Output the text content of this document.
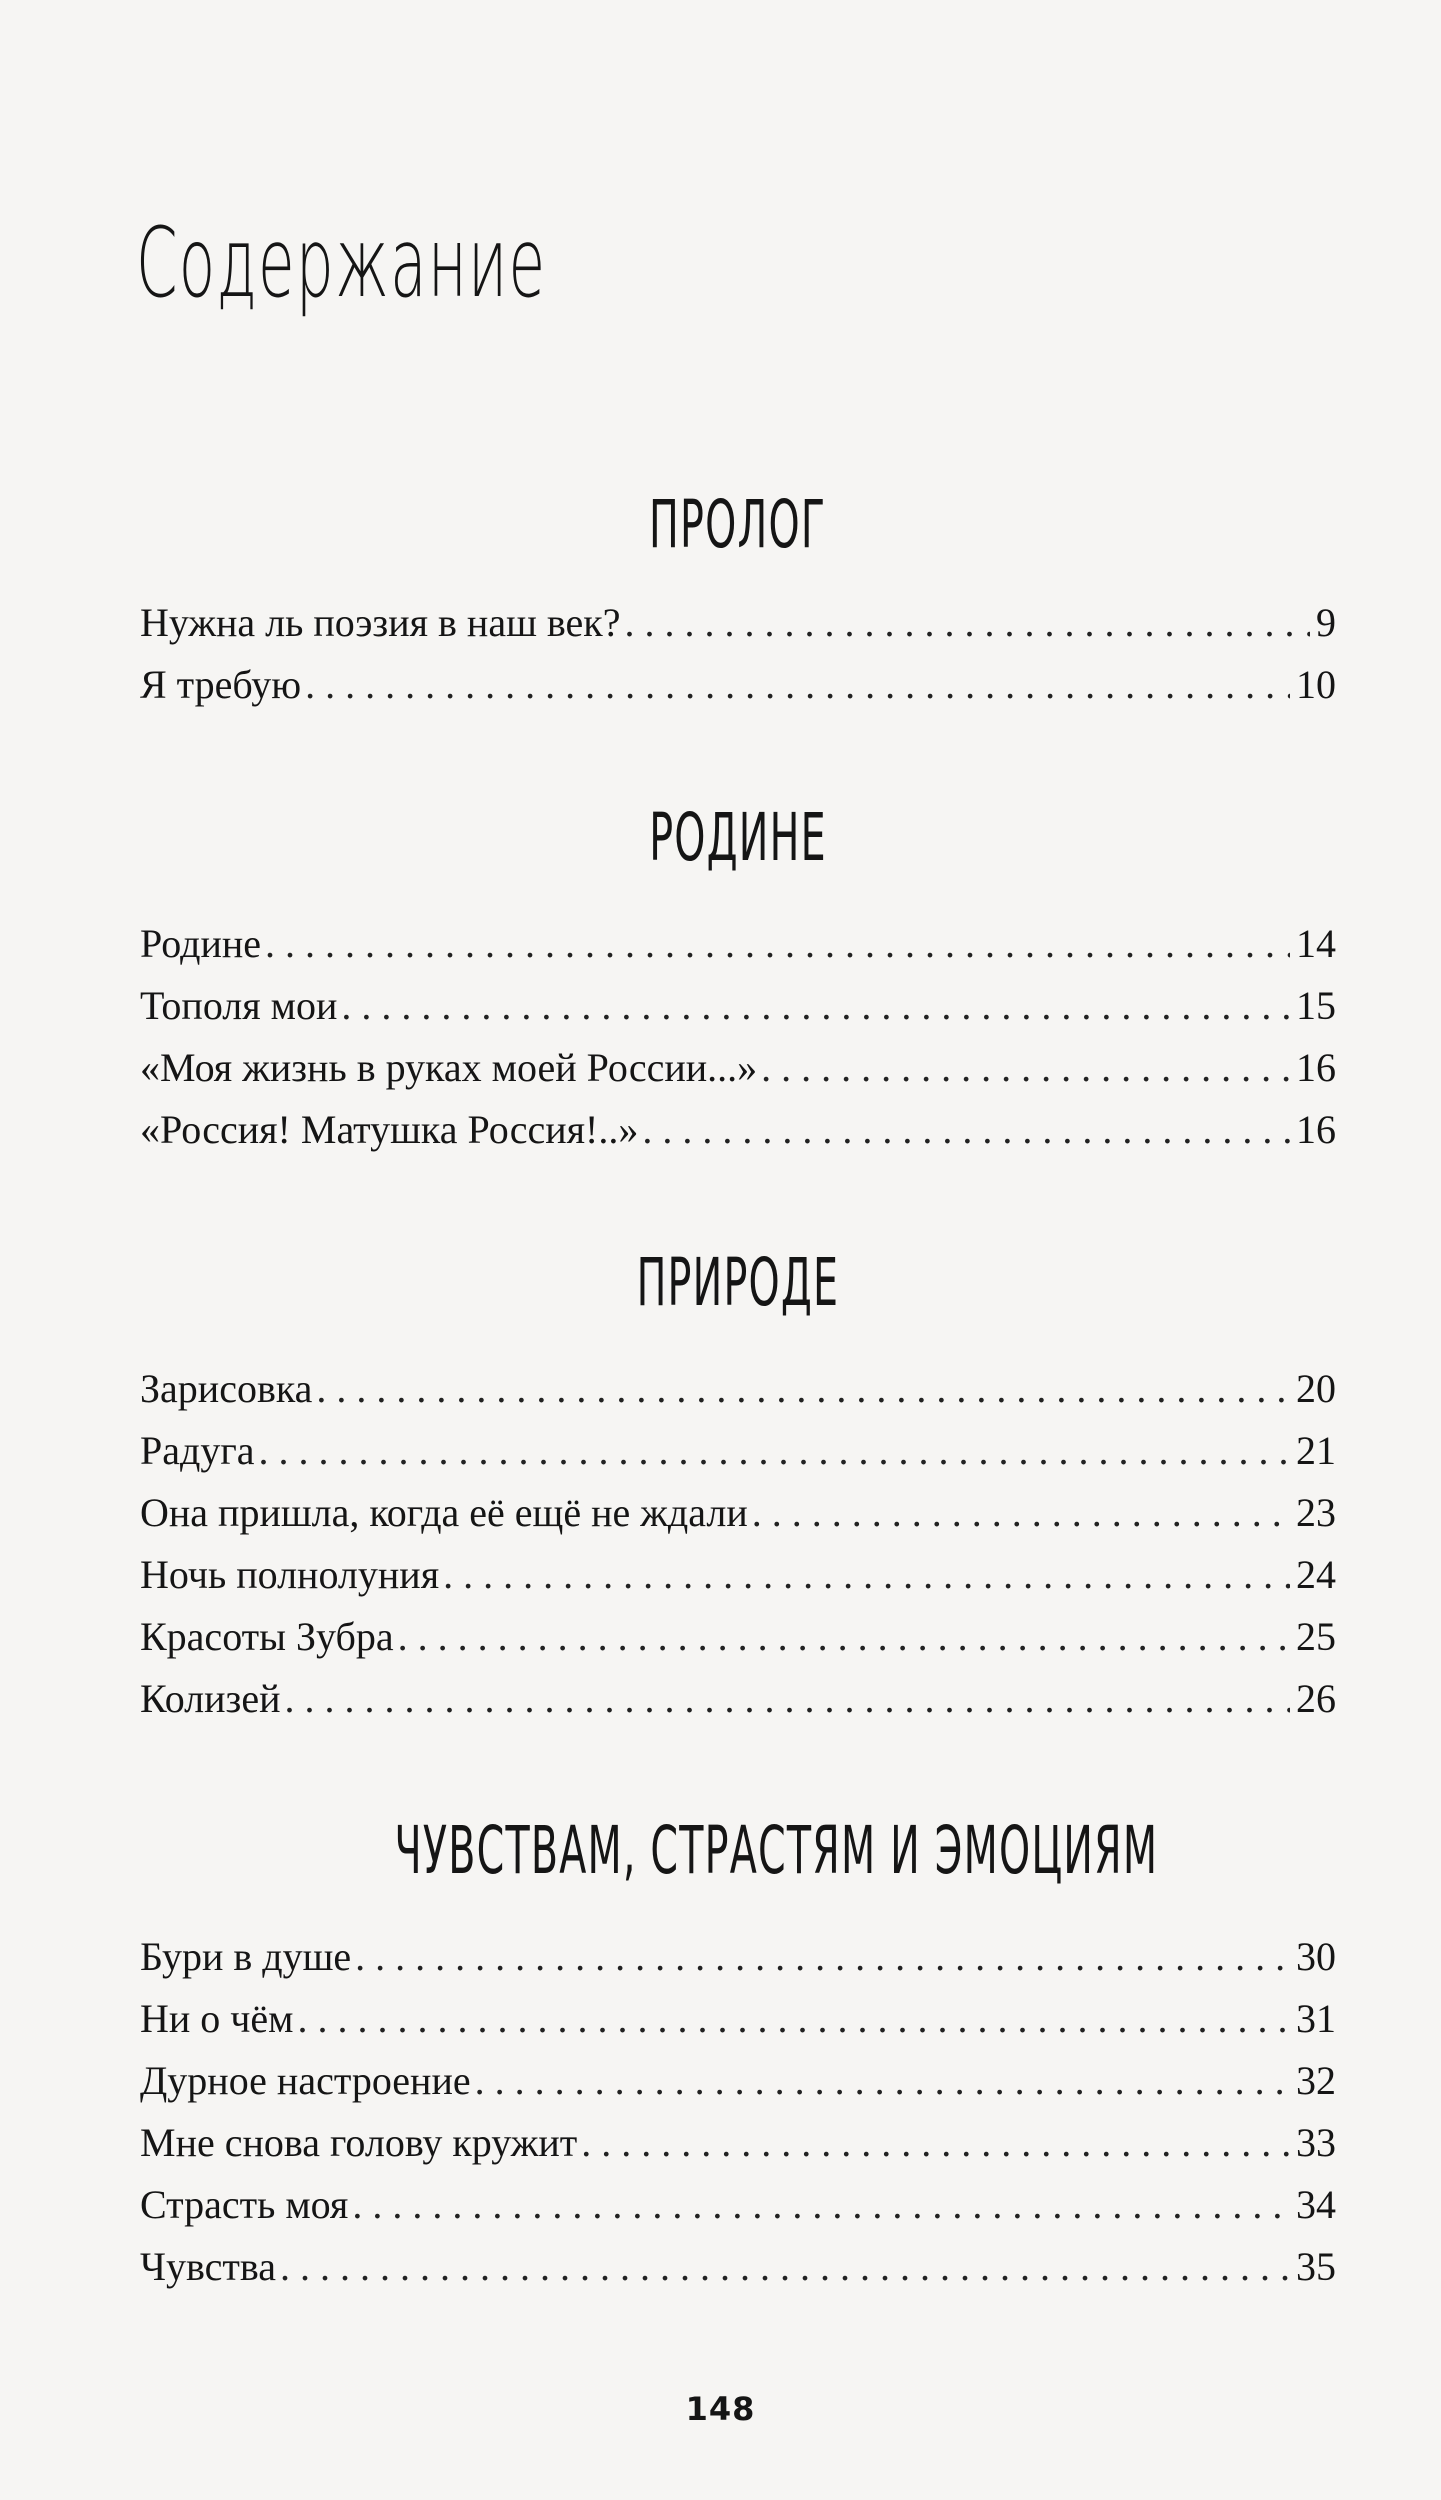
Содержание
ПРОЛОГ
Нужна ль поэзия в наш век? . . .	9
Я требую . . .	10
РОДИНЕ
Родине . . .	14
Тополя мои . . .	15
«Моя жизнь в руках моей России...» . . .	16
«Россия! Матушка Россия!..» . . .	16
ПРИРОДЕ
Зарисовка . . .	20
Радуга . . .	21
Она пришла, когда её ещё не ждали . . .	23
Ночь полнолуния . . .	24
Красоты Зубра . . .	25
Колизей . . .	26
ЧУВСТВАМ, СТРАСТЯМ И ЭМОЦИЯМ
Бури в душе . . .	30
Ни о чём . . .	31
Дурное настроение . . .	32
Мне снова голову кружит . . .	33
Страсть моя . . .	34
Чувства . . .	35
148
